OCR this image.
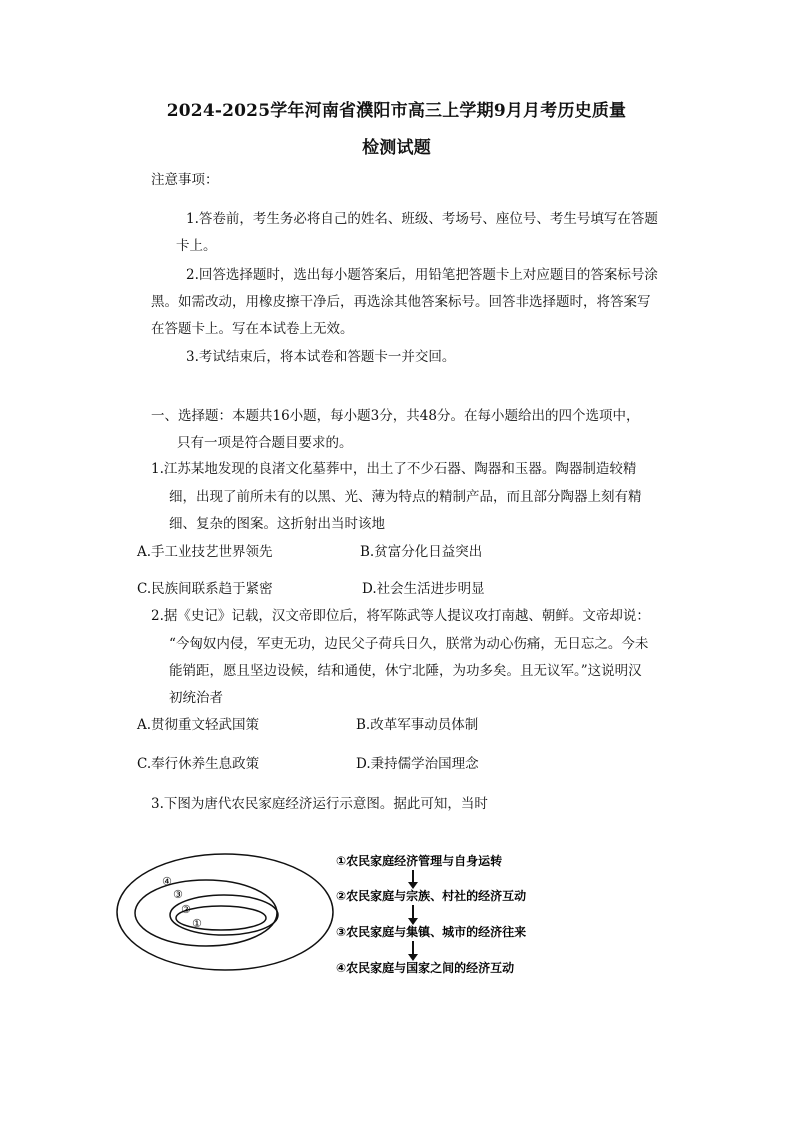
2024-2025学年河南省濮阳市高三上学期9月月考历史质量
检测试题
注意事项：
1.答卷前，考生务必将自己的姓名、班级、考场号、座位号、考生号填写在答题
卡上。
2.回答选择题时，选出每小题答案后，用铅笔把答题卡上对应题目的答案标号涂
黑。如需改动，用橡皮擦干净后，再选涂其他答案标号。回答非选择题时，将答案写
在答题卡上。写在本试卷上无效。
3.考试结束后，将本试卷和答题卡一并交回。
一、选择题：本题共16小题，每小题3分，共48分。在每小题给出的四个选项中，
只有一项是符合题目要求的。
1.江苏某地发现的良渚文化墓葬中，出土了不少石器、陶器和玉器。陶器制造较精
细，出现了前所未有的以黑、光、薄为特点的精制产品，而且部分陶器上刻有精
细、复杂的图案。这折射出当时该地
A.手工业技艺世界领先	B.贫富分化日益突出
C.民族间联系趋于紧密	D.社会生活进步明显
2.据《史记》记载，汉文帝即位后，将军陈武等人提议攻打南越、朝鲜。文帝却说：
“今匈奴内侵，军吏无功，边民父子荷兵日久，朕常为动心伤痛，无日忘之。今未
能销距，愿且坚边设候，结和通使，休宁北陲，为功多矣。且无议军。”这说明汉
初统治者
A.贯彻重文轻武国策	B.改革军事动员体制
C.奉行休养生息政策	D.秉持儒学治国理念
3.下图为唐代农民家庭经济运行示意图。据此可知，当时
④
③
②
①
①农民家庭经济管理与自身运转
②农民家庭与宗族、村社的经济互动
③农民家庭与集镇、城市的经济往来
④农民家庭与国家之间的经济互动
